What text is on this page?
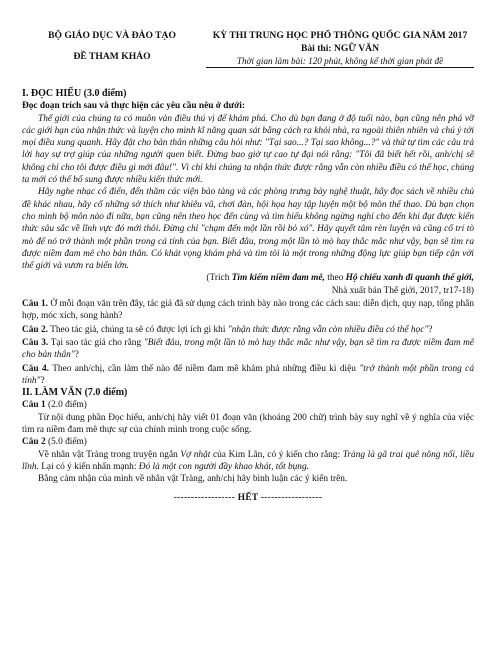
BỘ GIÁO DỤC VÀ ĐÀO TẠO
ĐỀ THAM KHẢO
KỲ THI TRUNG HỌC PHỔ THÔNG QUỐC GIA NĂM 2017
Bài thi: NGỮ VĂN
Thời gian làm bài: 120 phút, không kể thời gian phát đề
I. ĐỌC HIỂU (3.0 điểm)
Đọc đoạn trích sau và thực hiện các yêu cầu nêu ở dưới:

Thế giới của chúng ta có muôn vàn điều thú vị để khám phá. Cho dù bạn đang ở độ tuổi nào, bạn cũng nên phá vỡ các giới hạn của nhận thức và luyện cho mình kĩ năng quan sát bằng cách ra khỏi nhà, ra ngoài thiên nhiên và chú ý tới mọi điều xung quanh. Hãy đặt cho bản thân những câu hỏi như: "Tại sao...? Tại sao không...?" và thử tự tìm các câu trả lời hay sự trợ giúp của những người quen biết. Đừng bao giờ tự cao tự đại nói rằng: "Tôi đã biết hết rồi, anh/chị sẽ không chỉ cho tôi được điều gì mới đâu!". Vì chỉ khi chúng ta nhận thức được rằng vẫn còn nhiều điều có thể học, chúng ta mới có thể bổ sung được nhiều kiến thức mới.

Hãy nghe nhạc cổ điển, đến thăm các viện bảo tàng và các phòng trưng bày nghệ thuật, hãy đọc sách về nhiều chủ đề khác nhau, hãy cố những sở thích như khiêu vũ, chơi đàn, hội họa hay tập luyện một bộ môn thể thao. Dù bạn chọn cho mình bộ môn nào đi nữa, bạn cũng nên theo học đến cùng và tìm hiểu không ngừng nghỉ cho đến khi đạt được kiến thức sâu sắc về lĩnh vực đó mới thôi. Đừng chỉ "chạm đến một lần rồi bỏ xó". Hãy quyết tâm rèn luyện và cũng cố trí tò mò để nó trở thành một phần trong cá tính của bạn. Biết đâu, trong một lần tò mò hay thắc mắc như vậy, bạn sẽ tìm ra được niềm đam mê cho bản thân. Có khát vọng khám phá và tìm tòi là một trong những động lực giúp bạn tiếp cận với thế giới và vươn ra biển lớn.

(Trích Tìm kiếm niềm đam mê, theo Hộ chiếu xanh đi quanh thế giới,

Nhà xuất bản Thế giới, 2017, tr17-18)

Câu 1. Ở mỗi đoạn văn trên đây, tác giả đã sử dụng cách trình bày nào trong các cách sau: diễn dịch, quy nạp, tổng phân hợp, móc xích, song hành?

Câu 2. Theo tác giả, chúng ta sẽ có được lợi ích gì khi "nhận thức được rằng vẫn còn nhiều điều có thể học"?

Câu 3. Tại sao tác giả cho rằng "Biết đâu, trong một lần tò mò hay thắc mắc như vậy, bạn sẽ tìm ra được niềm đam mê cho bản thân"?

Câu 4. Theo anh/chị, cần làm thế nào để niềm đam mê khám phá những điều kì diệu "trở thành một phần trong cá tính"?

II. LÀM VĂN (7.0 điểm)
Câu 1 (2.0 điểm)

Từ nội dung phần Đọc hiểu, anh/chị hãy viết 01 đoạn văn (khoảng 200 chữ) trình bày suy nghĩ về ý nghĩa của việc tìm ra niềm đam mê thực sự của chính mình trong cuộc sống.

Câu 2 (5.0 điểm)

Về nhân vật Tràng trong truyện ngắn Vợ nhặt của Kim Lân, có ý kiến cho rằng: Tràng là gã trai quê nông nổi, liều lĩnh. Lại có ý kiến nhấn mạnh: Đó là một con người đầy khao khát, tốt bụng.

Bằng cảm nhận của mình về nhân vật Tràng, anh/chị hãy bình luận các ý kiến trên.

------------------ HẾT ------------------
